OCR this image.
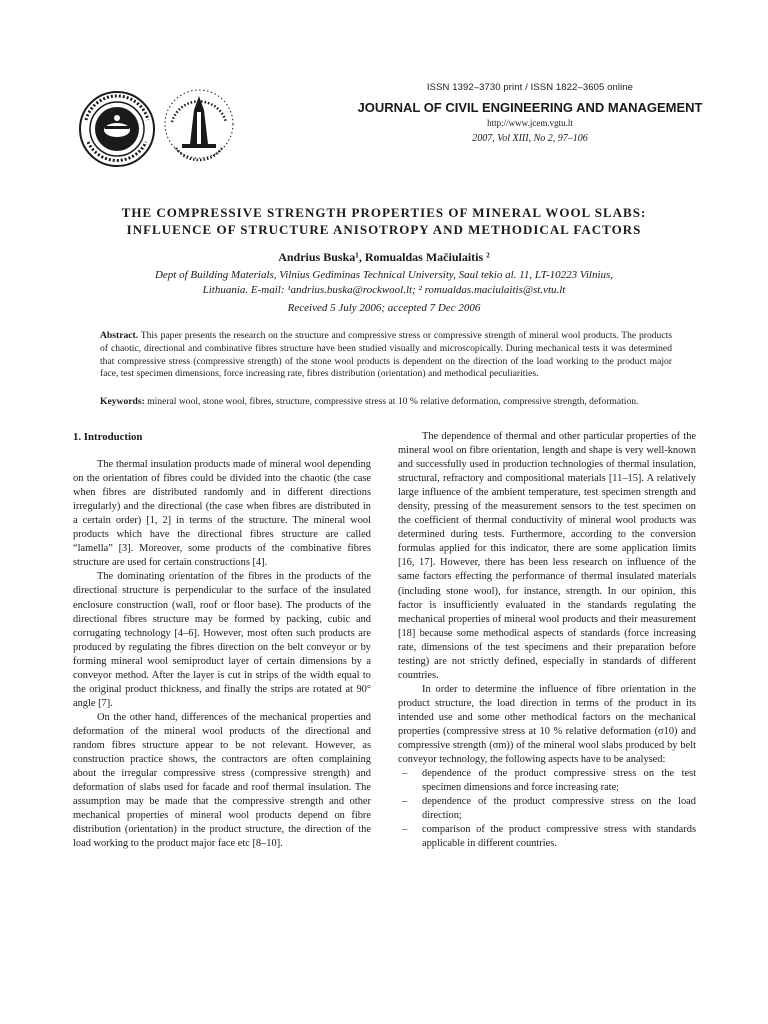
ISSN 1392–3730 print / ISSN 1822–3605 online
JOURNAL OF CIVIL ENGINEERING AND MANAGEMENT
http://www.jcem.vgtu.lt
2007, Vol XIII, No 2, 97–106
THE COMPRESSIVE STRENGTH PROPERTIES OF MINERAL WOOL SLABS:
INFLUENCE OF STRUCTURE ANISOTROPY AND METHODICAL FACTORS
Andrius Buska¹, Romualdas Mačiulaitis ²
Dept of Building Materials, Vilnius Gediminas Technical University, Saul tekio al. 11, LT-10223 Vilnius,
Lithuania. E-mail: ¹andrius.buska@rockwool.lt; ² romualdas.maciulaitis@st.vtu.lt
Received 5 July 2006; accepted 7 Dec 2006
Abstract. This paper presents the research on the structure and compressive stress or compressive strength of mineral wool products. The products of chaotic, directional and combinative fibres structure have been studied visually and microscopically. During mechanical tests it was determined that compressive stress (compressive strength) of the stone wool products is dependent on the direction of the load working to the product major face, test specimen dimensions, force increasing rate, fibres distribution (orientation) and methodical peculiarities.
Keywords: mineral wool, stone wool, fibres, structure, compressive stress at 10 % relative deformation, compressive strength, deformation.
1. Introduction

The thermal insulation products made of mineral wool depending on the orientation of fibres could be divided into the chaotic (the case when fibres are distributed randomly and in different directions irregularly) and the directional (the case when fibres are distributed in a certain order) [1, 2] in terms of the structure. The mineral wool products which have the directional fibres structure are called “lamella” [3]. Moreover, some products of the combinative fibres structure are used for certain constructions [4].

The dominating orientation of the fibres in the products of the directional structure is perpendicular to the surface of the insulated enclosure construction (wall, roof or floor base). The products of the directional fibres structure may be formed by packing, cubic and corrugating technology [4–6]. However, most often such products are produced by regulating the fibres direction on the belt conveyor or by forming mineral wool semiproduct layer of certain dimensions by a conveyor method. After the layer is cut in strips of the width equal to the original product thickness, and finally the strips are rotated at 90° angle [7].

On the other hand, differences of the mechanical properties and deformation of the mineral wool products of the directional and random fibres structure appear to be not relevant. However, as construction practice shows, the contractors are often complaining about the irregular compressive stress (compressive strength) and deformation of slabs used for facade and roof thermal insulation. The assumption may be made that the compressive strength and other mechanical properties of mineral wool products depend on fibre distribution (orientation) in the product structure, the direction of the load working to the product major face etc [8–10].

The dependence of thermal and other particular properties of the mineral wool on fibre orientation, length and shape is very well-known and successfully used in production technologies of thermal insulation, structural, refractory and compositional materials [11–15]. A relatively large influence of the ambient temperature, test specimen strength and density, pressing of the measurement sensors to the test specimen on the coefficient of thermal conductivity of mineral wool products was determined during tests. Furthermore, according to the conversion formulas applied for this indicator, there are some application limits [16, 17]. However, there has been less research on influence of the same factors effecting the performance of thermal insulated materials (including stone wool), for instance, strength. In our opinion, this factor is insufficiently evaluated in the standards regulating the mechanical properties of mineral wool products and their measurement [18] because some methodical aspects of standards (force increasing rate, dimensions of the test specimens and their preparation before testing) are not strictly defined, especially in standards of different countries.

In order to determine the influence of fibre orientation in the product structure, the load direction in terms of the product in its intended use and some other methodical factors on the mechanical properties (compressive stress at 10 % relative deformation (σ10) and compressive strength (σm)) of the mineral wool slabs produced by belt conveyor technology, the following aspects have to be analysed:

– dependence of the product compressive stress on the test specimen dimensions and force increasing rate;
– dependence of the product compressive stress on the load direction;
– comparison of the product compressive stress with standards applicable in different countries.
